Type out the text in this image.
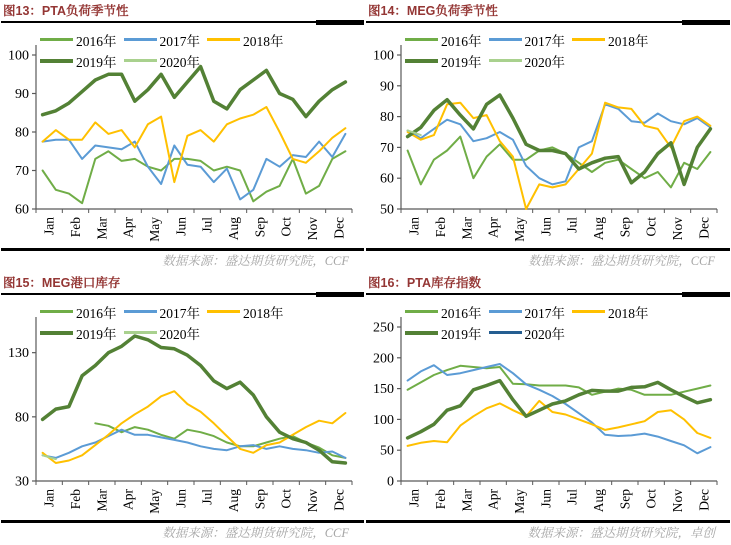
图13：PTA负荷季节性
60
70
80
90
100
Jan Feb Mar Apr May Jun Jul Aug Sep Oct Nov Dec
2016年	2017年	2018年
2019年	2020年
数据来源：盛达期货研究院，CCF
图14：MEG负荷季节性
50
60
70
80
90
100
Jan Feb Mar Apr May Jun Jul Aug Sep Oct Nov Dec
2016年	2017年	2018年
2019年	2020年
数据来源：盛达期货研究院，CCF
图15：MEG港口库存
30
80
130
Jan Feb Mar Apr May Jun Jul Aug Sep Oct Nov Dec
2016年	2017年	2018年
2019年	2020年
数据来源：盛达期货研究院，CCF
图16：PTA库存指数
0
50
100
150
200
250
Jan Feb Mar Apr May Jun Jul Aug Sep Oct Nov Dec
2016年	2017年	2018年
2019年	2020年
数据来源：盛达期货研究院，卓创
